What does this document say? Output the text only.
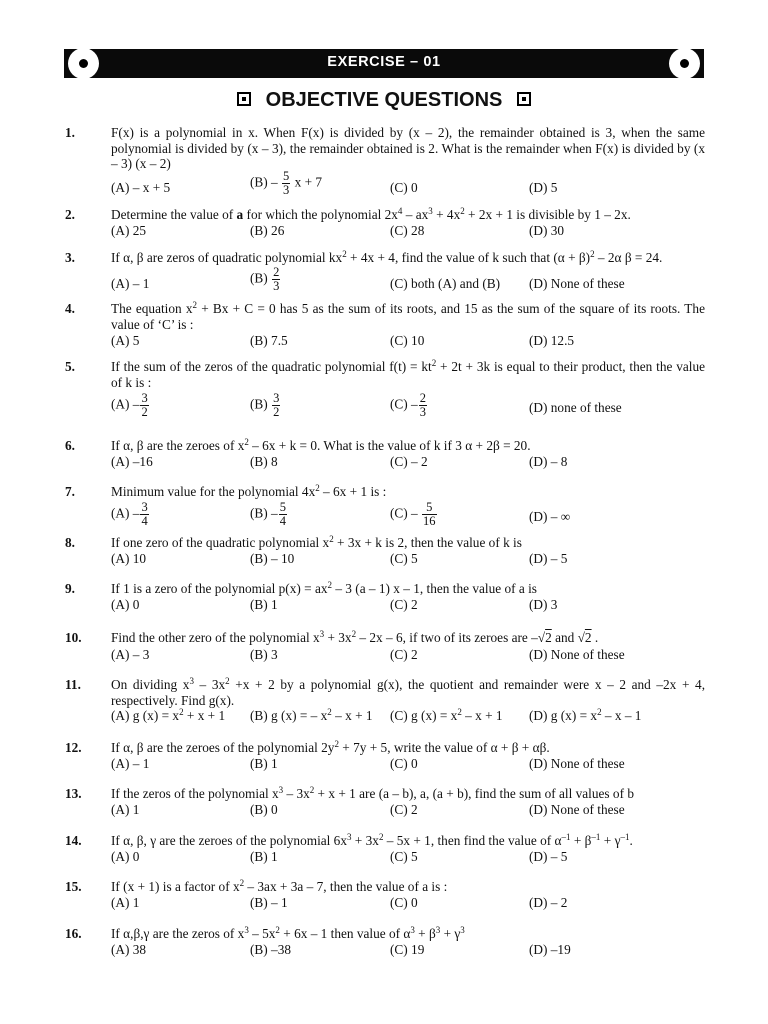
EXERCISE – 01
OBJECTIVE QUESTIONS
1.	F(x) is a polynomial in x. When F(x) is divided by (x – 2), the remainder obtained is 3, when the same polynomial is divided by (x – 3), the remainder obtained is 2. What is the remainder when F(x) is divided by (x – 3) (x – 2)
(A) – x + 5	$(B) - \frac{5}{3}$ x + 7	(C) 0	(D) 5
2.	Determine the value of a for which the polynomial $2x^4 - ax^3 + 4x^2 + 2x + 1$ is divisible by 1 – 2x.
(A) 25	(B) 26	(C) 28	(D) 30
3.	If α, β are zeros of quadratic polynomial $kx^2 + 4x + 4$, find the value of k such that $(\alpha + \beta)^2 - 2\alpha$ β = 24.
(A) – 1	$(B) \frac{2}{3}$	(C) both (A) and (B) (D) None of these
4.	The equation $x^2 + Bx + C = 0$ has 5 as the sum of its roots, and 15 as the sum of the square of its roots. The value of ‘C’ is :
(A) 5	(B) 7.5	(C) 10	(D) 12.5
5.	If the sum of the zeros of the quadratic polynomial $f(t) = kt^2 + 2t + 3k$ is equal to their product, then the value of k is :
$(A) - \frac{3}{2}$	$(B) \frac{3}{2}$	$(C) - \frac{2}{3}$	(D) none of these
6.	If α, β are the zeroes of $x^2 - 6x + k = 0$. What is the value of k if 3 α + 2β = 20.
(A) –16	(B) 8	(C) – 2	(D) – 8
7.	Minimum value for the polynomial $4x^2 - 6x + 1$ is :
$(A) - \frac{3}{4}$	$(B) - \frac{5}{4}$	$(C) - \frac{5}{16}$	(D) – ∞
8.	If one zero of the quadratic polynomial $x^2 + 3x + k$ is 2, then the value of k is
(A) 10	(B) – 10	(C) 5	(D) – 5
9.	If 1 is a zero of the polynomial $p(x) = ax^2 - 3$ (a – 1) x – 1, then the value of a is
(A) 0	(B) 1	(C) 2	(D) 3
10. Find the other zero of the polynomial $x^3 + 3x^2 - 2x - 6$, if two of its zeroes are –√2 and √2 .
(A) – 3	(B) 3	(C) 2	(D) None of these
11. On dividing $x^3 - 3x^2 +x + 2$ by a polynomial g(x), the quotient and remainder were x – 2 and –2x + 4, respectively. Find g(x).
(A) g $(x) = x^2 + x + 1$ (B) g (x) = – $x^2 - x + 1$ (C) g $(x) = x^2 - x + 1$ (D) g $(x) = x^2 - x - 1$
12. If α, β are the zeroes of the polynomial $2y^2 + 7y + 5$, write the value of α + β + αβ.
(A) – 1	(B) 1	(C) 0	(D) None of these
13. If the zeros of the polynomial $x^3 - 3x^2 + x + 1$ are (a – b), a, (a + b), find the sum of all values of b
(A) 1	(B) 0	(C) 2	(D) None of these
14. If α, β, γ are the zeroes of the polynomial $6x^3 + 3x^2 - 5x + 1$, then find the value of $\alpha^{-1} + \beta^{-1} + \gamma^{-1}$.
(A) 0	(B) 1	(C) 5	(D) – 5
15. If (x + 1) is a factor of $x^2 - 3ax + 3a - 7$, then the value of a is :
(A) 1	(B) – 1	(C) 0	(D) – 2
16. If α,β,γ are the zeros of $x^3 - 5x^2 + 6x - 1$ then value of $\alpha^3 + \beta^3 + \gamma^3$
(A) 38	(B) –38	(C) 19	(D) –19
